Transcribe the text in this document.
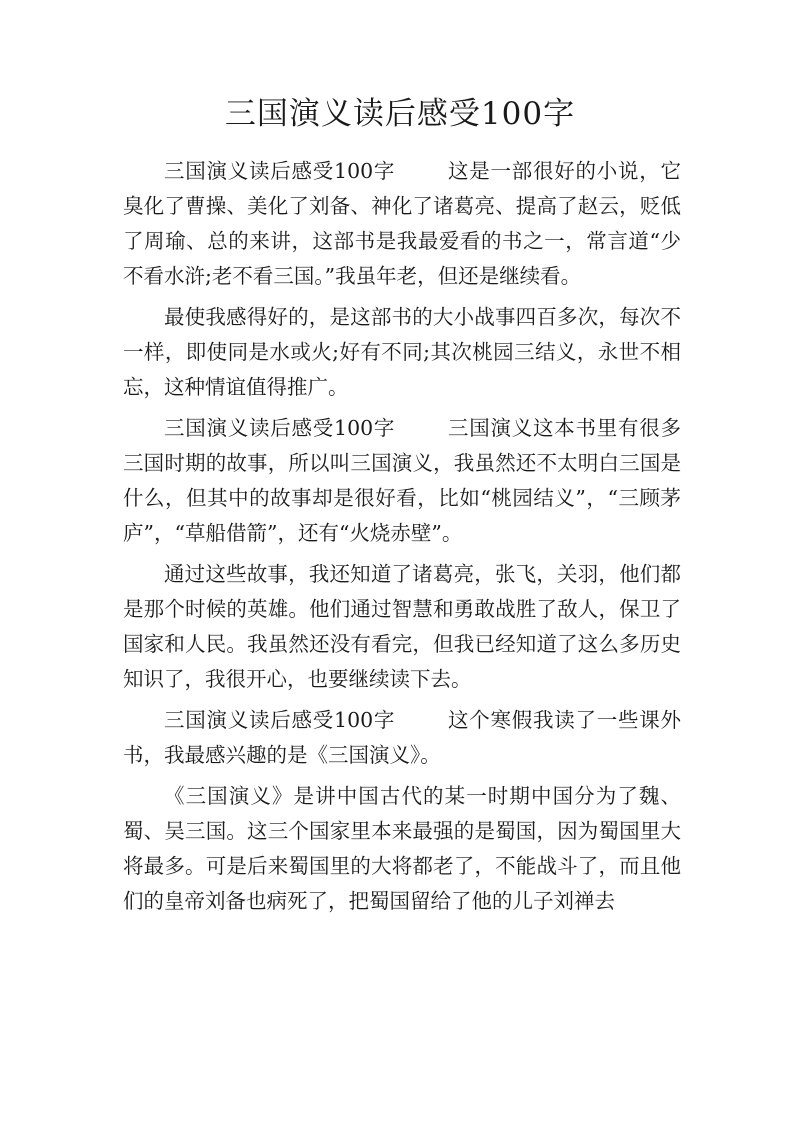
三国演义读后感受100字

三国演义读后感受100字	这是一部很好的小说，它臭化了曹操、美化了刘备、神化了诸葛亮、提高了赵云，贬低了周瑜、总的来讲，这部书是我最爱看的书之一，常言道“少不看水浒;老不看三国。”我虽年老，但还是继续看。

最使我感得好的，是这部书的大小战事四百多次，每次不一样，即使同是水或火;好有不同;其次桃园三结义，永世不相忘，这种情谊值得推广。

三国演义读后感受100字	三国演义这本书里有很多三国时期的故事，所以叫三国演义，我虽然还不太明白三国是什么，但其中的故事却是很好看，比如“桃园结义”，“三顾茅庐”，“草船借箭”，还有“火烧赤壁”。

通过这些故事，我还知道了诸葛亮，张飞，关羽，他们都是那个时候的英雄。他们通过智慧和勇敢战胜了敌人，保卫了国家和人民。我虽然还没有看完，但我已经知道了这么多历史知识了，我很开心，也要继续读下去。

三国演义读后感受100字	这个寒假我读了一些课外书，我最感兴趣的是《三国演义》。

《三国演义》是讲中国古代的某一时期中国分为了魏、蜀、吴三国。这三个国家里本来最强的是蜀国，因为蜀国里大将最多。可是后来蜀国里的大将都老了，不能战斗了，而且他们的皇帝刘备也病死了，把蜀国留给了他的儿子刘禅去
